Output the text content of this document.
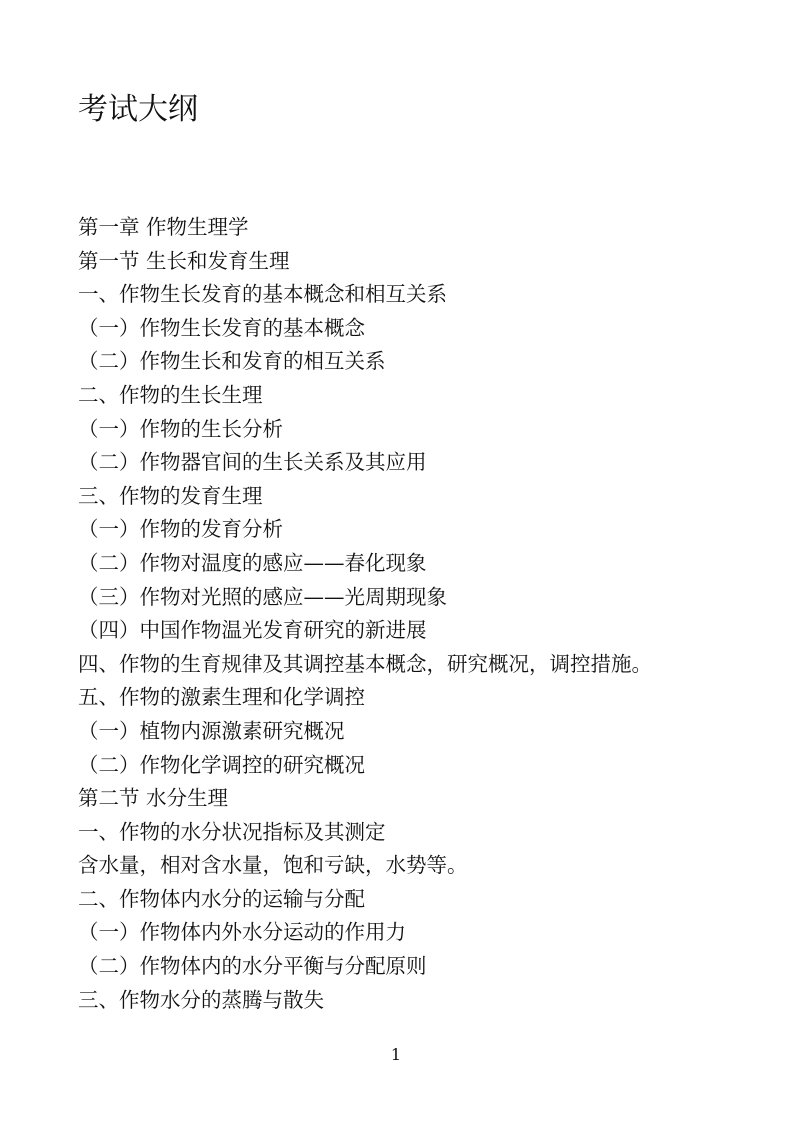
考试大纲
第一章 作物生理学
第一节 生长和发育生理
一、作物生长发育的基本概念和相互关系
（一）作物生长发育的基本概念
（二）作物生长和发育的相互关系
二、作物的生长生理
（一）作物的生长分析
（二）作物器官间的生长关系及其应用
三、作物的发育生理
（一）作物的发育分析
（二）作物对温度的感应——春化现象
（三）作物对光照的感应——光周期现象
（四）中国作物温光发育研究的新进展
四、作物的生育规律及其调控基本概念，研究概况，调控措施。
五、作物的激素生理和化学调控
（一）植物内源激素研究概况
（二）作物化学调控的研究概况
第二节 水分生理
一、作物的水分状况指标及其测定
含水量，相对含水量，饱和亏缺，水势等。
二、作物体内水分的运输与分配
（一）作物体内外水分运动的作用力
（二）作物体内的水分平衡与分配原则
三、作物水分的蒸腾与散失

1
